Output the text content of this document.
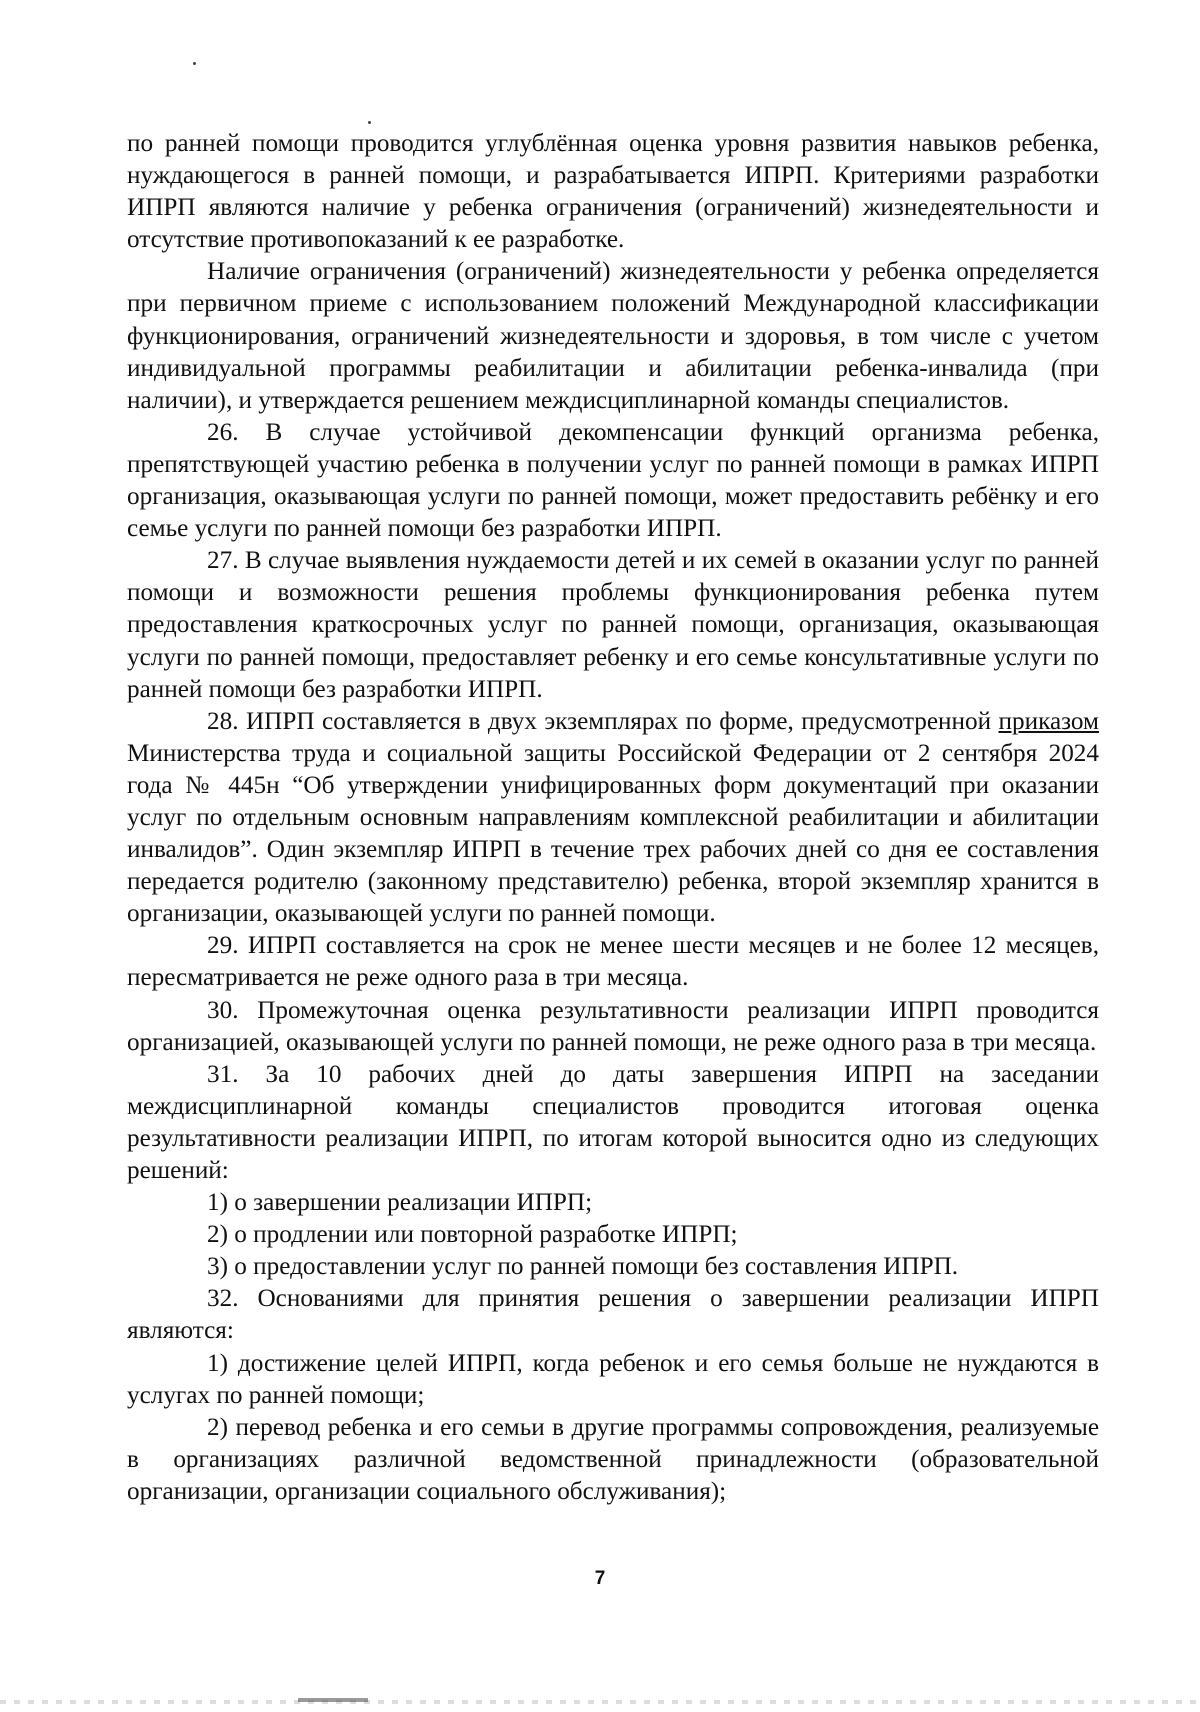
по ранней помощи проводится углублённая оценка уровня развития навыков ребенка, нуждающегося в ранней помощи, и разрабатывается ИПРП. Критериями разработки ИПРП являются наличие у ребенка ограничения (ограничений) жизнедеятельности и отсутствие противопоказаний к ее разработке.

Наличие ограничения (ограничений) жизнедеятельности у ребенка определяется при первичном приеме с использованием положений Международной классификации функционирования, ограничений жизнедеятельности и здоровья, в том числе с учетом индивидуальной программы реабилитации и абилитации ребенка-инвалида (при наличии), и утверждается решением междисциплинарной команды специалистов.

26. В случае устойчивой декомпенсации функций организма ребенка, препятствующей участию ребенка в получении услуг по ранней помощи в рамках ИПРП организация, оказывающая услуги по ранней помощи, может предоставить ребёнку и его семье услуги по ранней помощи без разработки ИПРП.

27. В случае выявления нуждаемости детей и их семей в оказании услуг по ранней помощи и возможности решения проблемы функционирования ребенка путем предоставления краткосрочных услуг по ранней помощи, организация, оказывающая услуги по ранней помощи, предоставляет ребенку и его семье консультативные услуги по ранней помощи без разработки ИПРП.

28. ИПРП составляется в двух экземплярах по форме, предусмотренной приказом Министерства труда и социальной защиты Российской Федерации от 2 сентября 2024 года № 445н “Об утверждении унифицированных форм документаций при оказании услуг по отдельным основным направлениям комплексной реабилитации и абилитации инвалидов”. Один экземпляр ИПРП в течение трех рабочих дней со дня ее составления передается родителю (законному представителю) ребенка, второй экземпляр хранится в организации, оказывающей услуги по ранней помощи.

29. ИПРП составляется на срок не менее шести месяцев и не более 12 месяцев, пересматривается не реже одного раза в три месяца.

30. Промежуточная оценка результативности реализации ИПРП проводится организацией, оказывающей услуги по ранней помощи, не реже одного раза в три месяца.

31. За 10 рабочих дней до даты завершения ИПРП на заседании междисциплинарной команды специалистов проводится итоговая оценка результативности реализации ИПРП, по итогам которой выносится одно из следующих решений:

1) о завершении реализации ИПРП;

2) о продлении или повторной разработке ИПРП;

3) о предоставлении услуг по ранней помощи без составления ИПРП.

32. Основаниями для принятия решения о завершении реализации ИПРП являются:

1) достижение целей ИПРП, когда ребенок и его семья больше не нуждаются в услугах по ранней помощи;

2) перевод ребенка и его семьи в другие программы сопровождения, реализуемые в организациях различной ведомственной принадлежности (образовательной организации, организации социального обслуживания);

7
